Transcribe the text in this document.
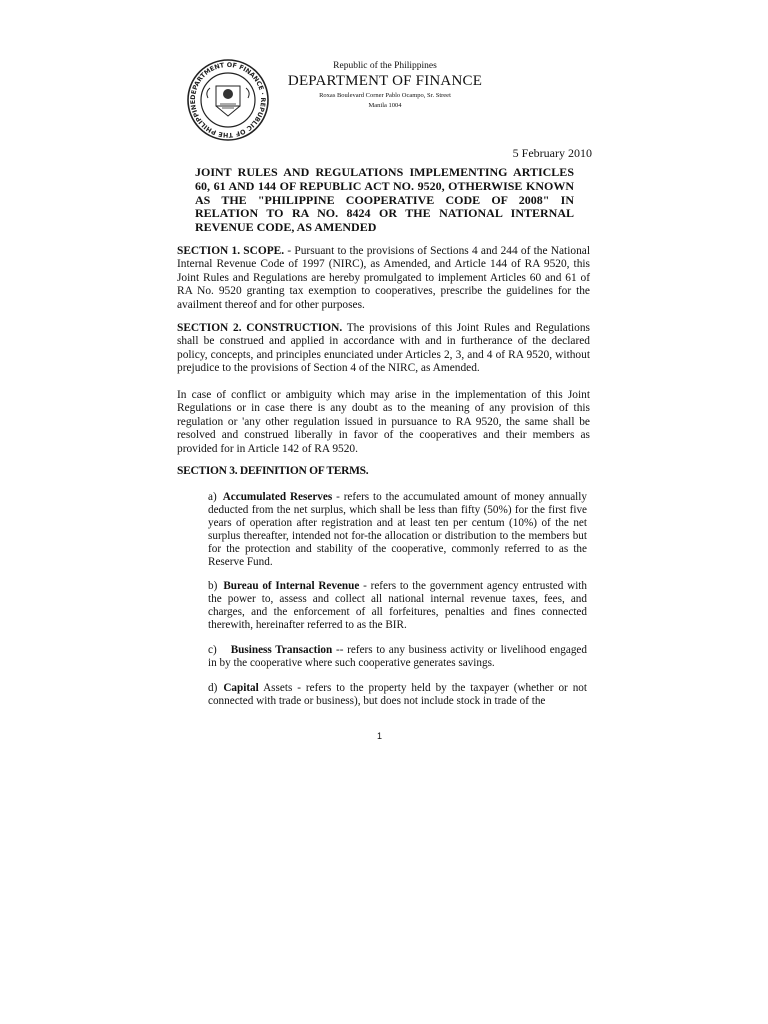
DEPARTMENT OF FINANCE · REPUBLIC OF THE PHILIPPINE
Republic of the Philippines
DEPARTMENT OF FINANCE
Roxas Boulevard Corner Pablo Ocampo, Sr. Street
Manila 1004
5 February 2010
JOINT RULES AND REGULATIONS IMPLEMENTING ARTICLES 60, 61 AND 144 OF REPUBLIC ACT NO. 9520, OTHERWISE KNOWN AS THE "PHILIPPINE COOPERATIVE CODE OF 2008" IN RELATION TO RA NO. 8424 OR THE NATIONAL INTERNAL REVENUE CODE, AS AMENDED

SECTION 1. SCOPE. - Pursuant to the provisions of Sections 4 and 244 of the National Internal Revenue Code of 1997 (NIRC), as Amended, and Article 144 of RA 9520, this Joint Rules and Regulations are hereby promulgated to implement Articles 60 and 61 of RA No. 9520 granting tax exemption to cooperatives, prescribe the guidelines for the availment thereof and for other purposes.

SECTION 2. CONSTRUCTION. The provisions of this Joint Rules and Regulations shall be construed and applied in accordance with and in furtherance of the declared policy, concepts, and principles enunciated under Articles 2, 3, and 4 of RA 9520, without prejudice to the provisions of Section 4 of the NIRC, as Amended.

In case of conflict or ambiguity which may arise in the implementation of this Joint Regulations or in case there is any doubt as to the meaning of any provision of this regulation or 'any other regulation issued in pursuance to RA 9520, the same shall be resolved and construed liberally in favor of the cooperatives and their members as provided for in Article 142 of RA 9520.

SECTION 3. DEFINITION OF TERMS.

a) Accumulated Reserves - refers to the accumulated amount of money annually deducted from the net surplus, which shall be less than fifty (50%) for the first five years of operation after registration and at least ten per centum (10%) of the net surplus thereafter, intended not for-the allocation or distribution to the members but for the protection and stability of the cooperative, commonly referred to as the Reserve Fund.

b) Bureau of Internal Revenue - refers to the government agency entrusted with the power to, assess and collect all national internal revenue taxes, fees, and charges, and the enforcement of all forfeitures, penalties and fines connected therewith, hereinafter referred to as the BIR.

c) Business Transaction -- refers to any business activity or livelihood engaged in by the cooperative where such cooperative generates savings.

d) Capital Assets - refers to the property held by the taxpayer (whether or not connected with trade or business), but does not include stock in trade of the

1
